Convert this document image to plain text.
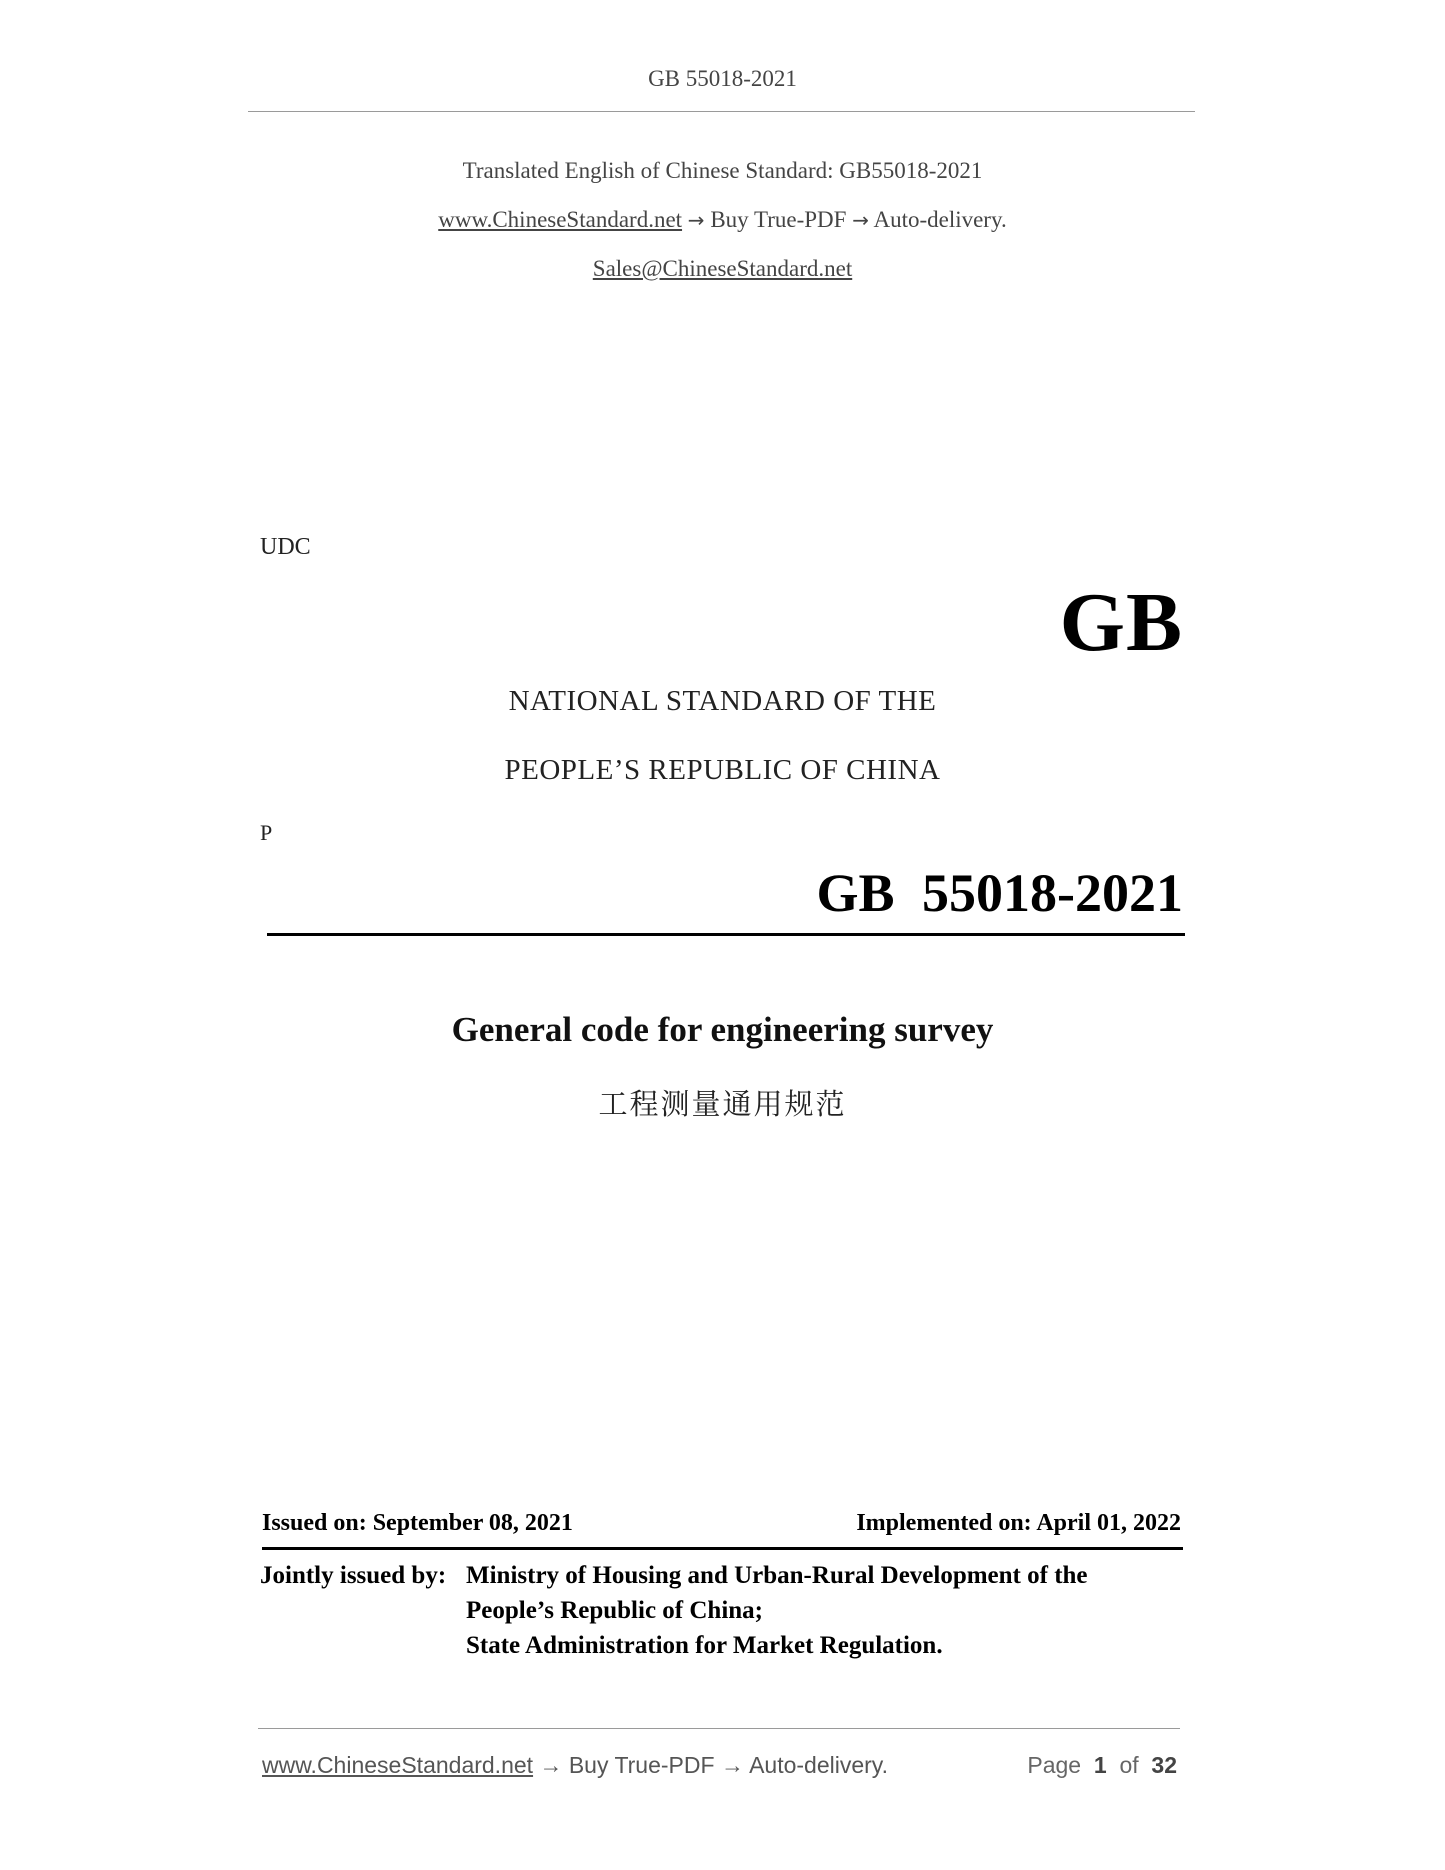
GB 55018-2021
Translated English of Chinese Standard: GB55018-2021
www.ChineseStandard.net → Buy True-PDF → Auto-delivery.
Sales@ChineseStandard.net
UDC
GB
NATIONAL STANDARD OF THE
PEOPLE’S REPUBLIC OF CHINA
P
GB 55018-2021
General code for engineering survey
工程测量通用规范
Issued on: September 08, 2021	Implemented on: April 01, 2022
Jointly issued by: Ministry of Housing and Urban-Rural Development of the
People’s Republic of China;
State Administration for Market Regulation.
www.ChineseStandard.net → Buy True-PDF → Auto-delivery.	Page 1 of 32
